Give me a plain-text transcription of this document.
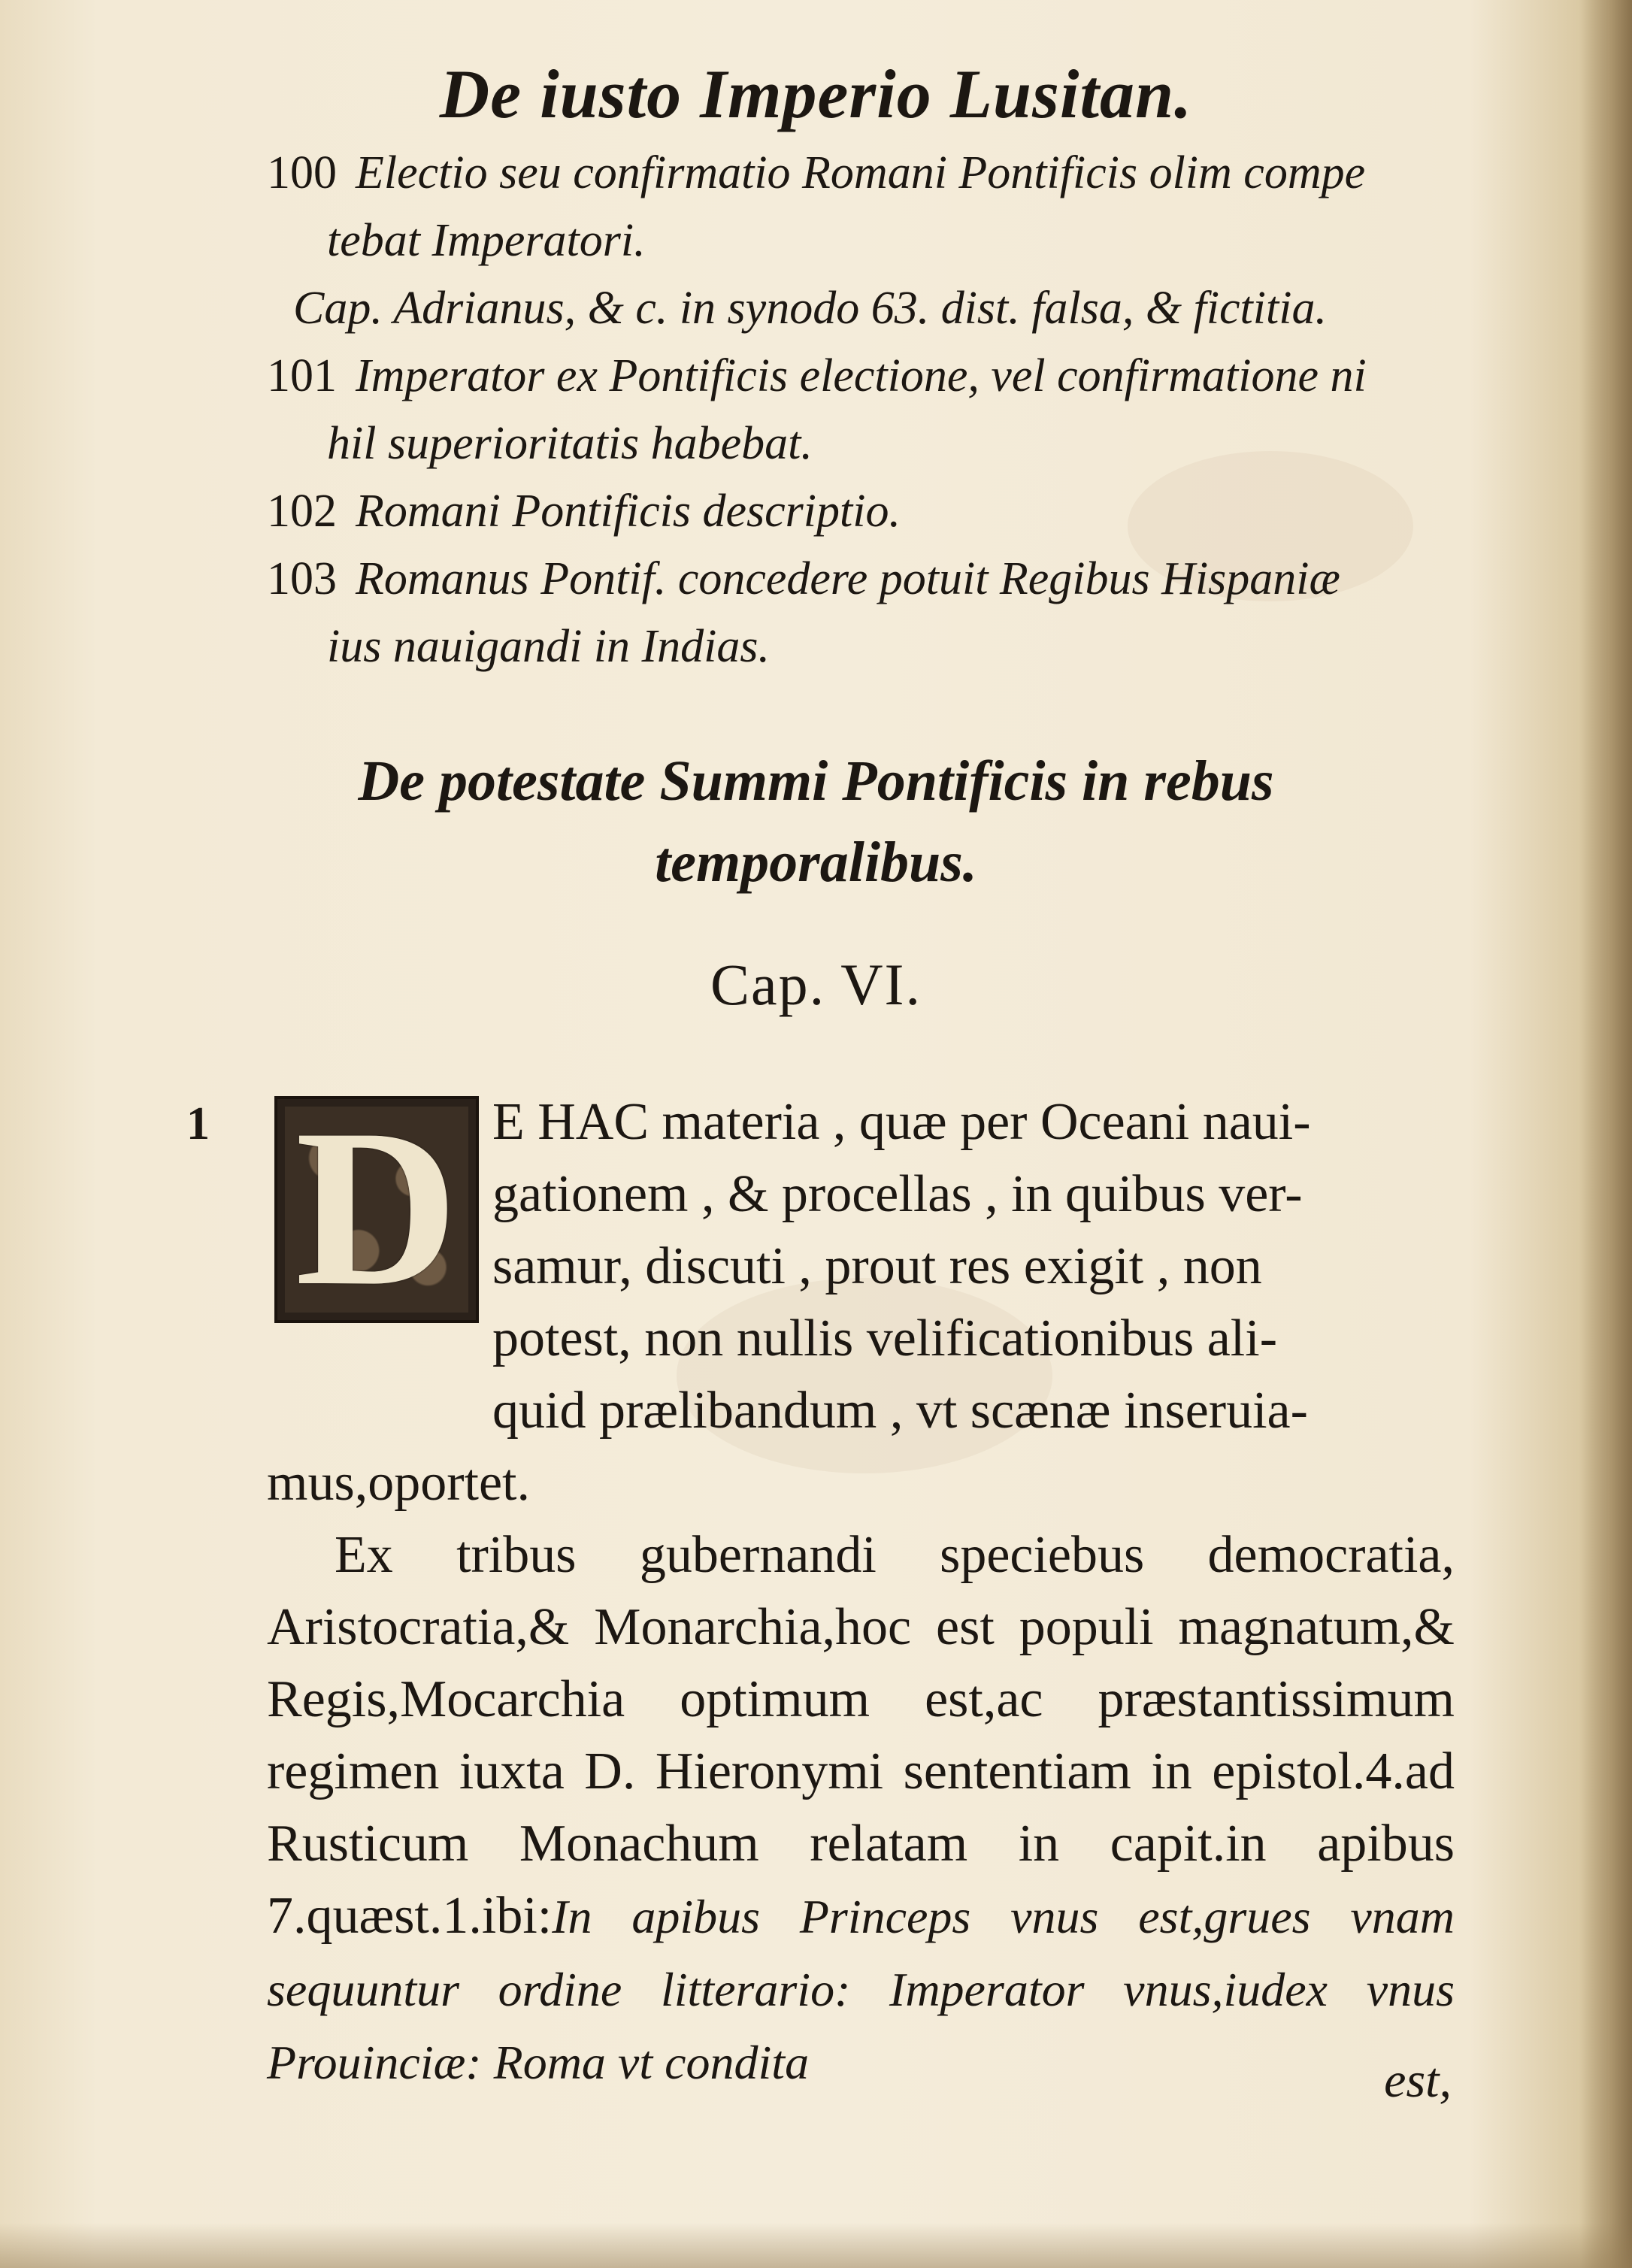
De iusto Imperio Lusitan.
100 Electio seu confirmatio Romani Pontificis olim compe
tebat Imperatori.
Cap. Adrianus, & c. in synodo 63. dist. falsa, & fictitia.
101 Imperator ex Pontificis electione, vel confirmatione ni
hil superioritatis habebat.
102 Romani Pontificis descriptio.
103 Romanus Pontif. concedere potuit Regibus Hispaniæ
ius nauigandi in Indias.
De potestate Summi Pontificis in rebus
temporalibus.
Cap. VI.
1 D E HAC materia , quæ per Oceani naui-
gationem , & procellas , in quibus ver-
samur, discuti , prout res exigit , non
potest, non nullis velificationibus ali-
quid prælibandum , vt scænæ inseruia-
mus,oportet.

Ex tribus gubernandi speciebus democratia, Aristocratia,& Monarchia,hoc est populi magnatum,& Regis,Mocarchia optimum est,ac præstantissimum regimen iuxta D. Hieronymi sententiam in epistol.4.ad Rusticum Monachum relatam in capit.in apibus 7.quæst.1.ibi:In apibus Princeps vnus est,grues vnam sequuntur ordine litterario: Imperator vnus,iudex vnus Prouinciæ: Roma vt condita	est,
